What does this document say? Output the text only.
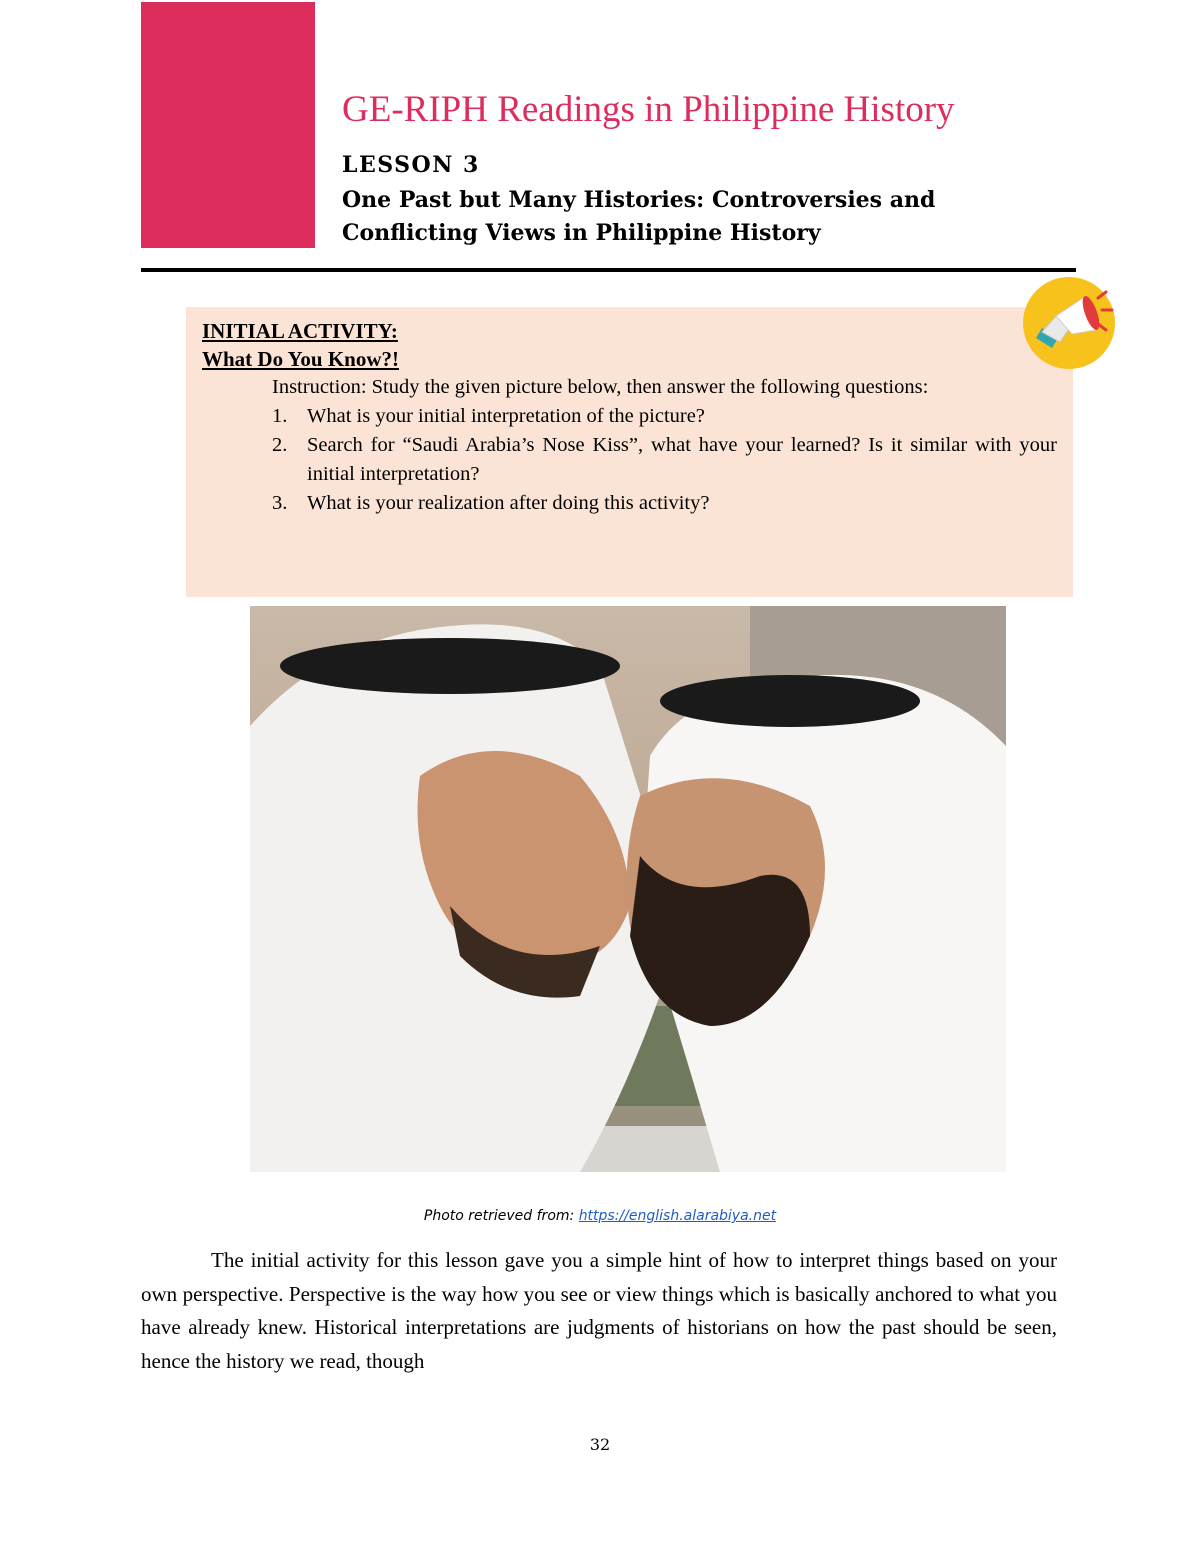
GE-RIPH Readings in Philippine History
LESSON 3
One Past but Many Histories: Controversies and Conflicting Views in Philippine History

INITIAL ACTIVITY:

What Do You Know?!

Instruction: Study the given picture below, then answer the following questions:

1. What is your initial interpretation of the picture?
2. Search for “Saudi Arabia’s Nose Kiss”, what have your learned? Is it similar with your initial interpretation?
3. What is your realization after doing this activity?
Photo retrieved from: https://english.alarabiya.net

The initial activity for this lesson gave you a simple hint of how to interpret things based on your own perspective. Perspective is the way how you see or view things which is basically anchored to what you have already knew. Historical interpretations are judgments of historians on how the past should be seen, hence the history we read, though

32
